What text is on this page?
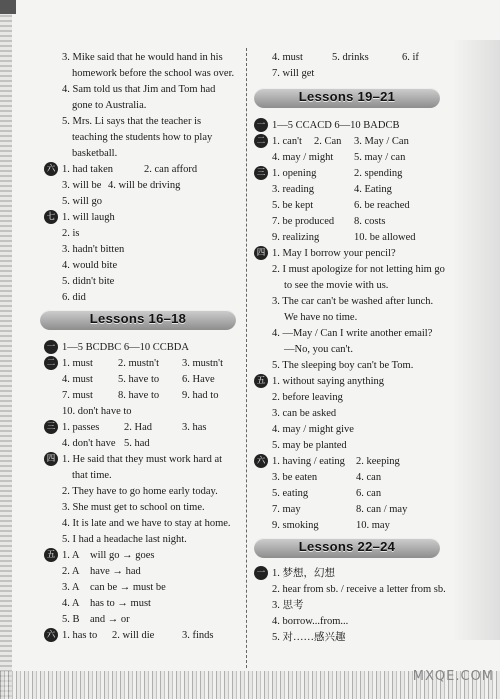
3. Mike said that he would hand in his
homework before the school was over.
4. Sam told us that Jim and Tom had
gone to Australia.
5. Mrs. Li says that the teacher is
teaching the students how to play
basketball.
六 1. had taken	2. can afford
3. will be 4. will be driving
5. will go
七 1. will laugh
2. is
3. hadn't bitten
4. would bite
5. didn't bite
6. did
Lessons 16–18
一 1—5 BCDBC 6—10 CCBDA
二 1. must 2. mustn't 3. mustn't
4. must 5. have to 6. Have
7. must 8. have to 9. had to
10. don't have to
三 1. passes 2. Had	3. has
4. don't have 5. had
四 1. He said that they must work hard at
that time.
2. They have to go home early today.
3. She must get to school on time.
4. It is late and we have to stay at home.
5. I had a headache last night.
五 1. A will go → goes
2. A have → had
3. A can be → must be
4. A has to → must
5. B and → or
六 1. has to 2. will die	3. finds
4. must	5. drinks	6. if
7. will get
Lessons 19–21
一 1—5 CCACD 6—10 BADCB
二 1. can't 2. Can 3. May / Can
4. may / might 5. may / can
三 1. opening	2. spending
3. reading	4. Eating
5. be kept	6. be reached
7. be produced 8. costs
9. realizing	10. be allowed
四 1. May I borrow your pencil?
2. I must apologize for not letting him go
to see the movie with us.
3. The car can't be washed after lunch.
We have no time.
4. —May / Can I write another email?
—No, you can't.
5. The sleeping boy can't be Tom.
五 1. without saying anything
2. before leaving
3. can be asked
4. may / might give
5. may be planted
六 1. having / eating 2. keeping
3. be eaten	4. can
5. eating	6. can
7. may	8. can / may
9. smoking	10. may
Lessons 22–24
一 1. 梦想，幻想
2. hear from sb. / receive a letter from sb.
3. 思考
4. borrow...from...
5. 对……感兴趣
MXQE.COM
